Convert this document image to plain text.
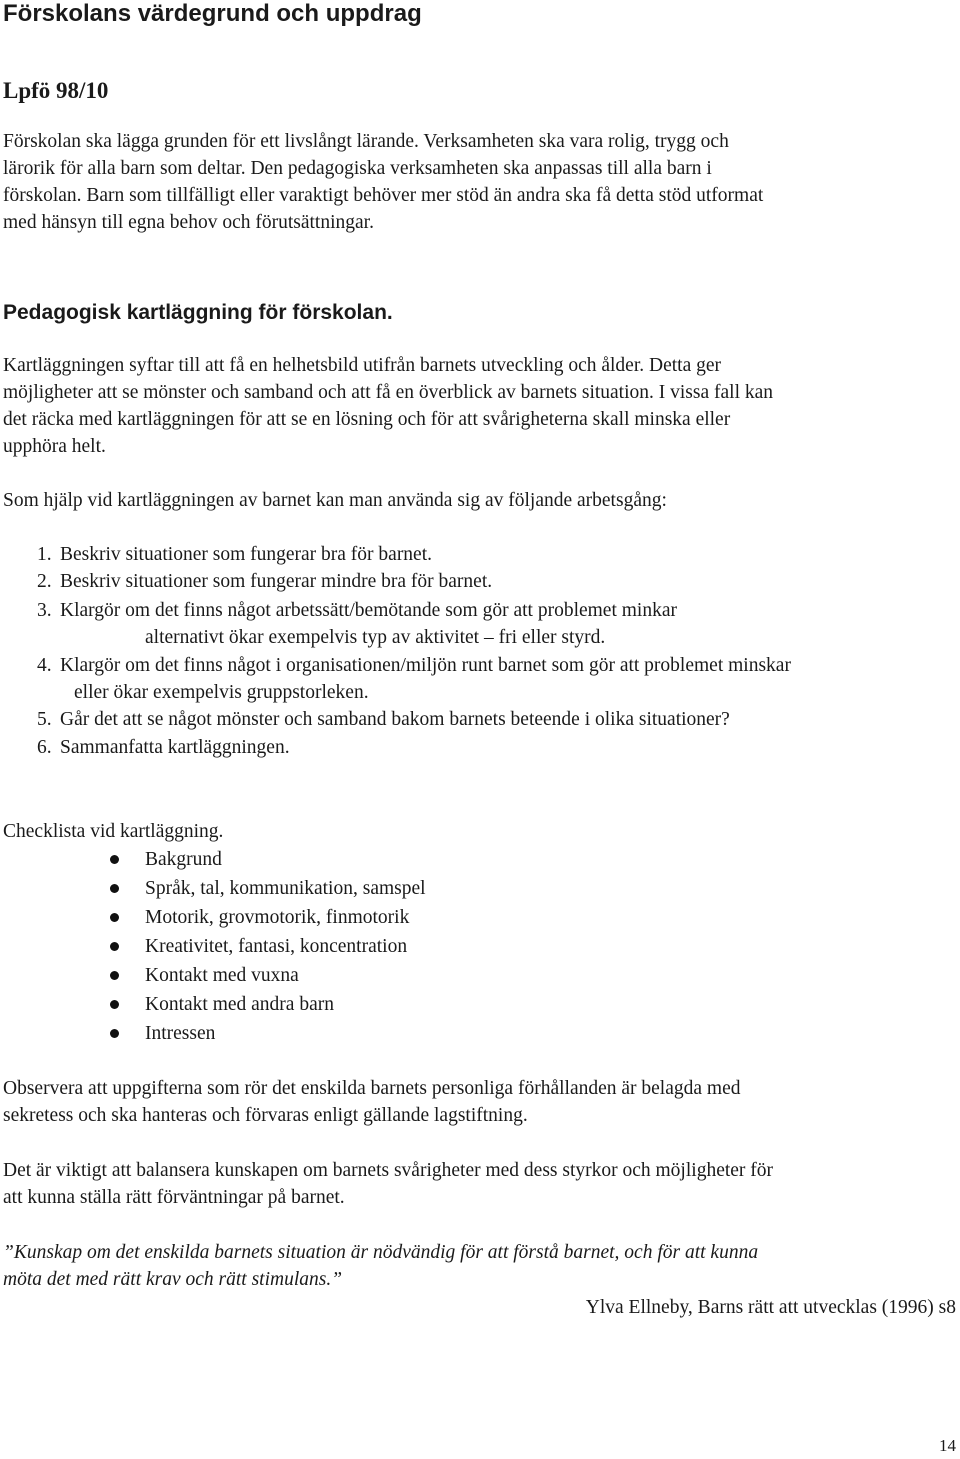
Förskolans värdegrund och uppdrag
Lpfö 98/10
Förskolan ska lägga grunden för ett livslångt lärande. Verksamheten ska vara rolig, trygg och
lärorik för alla barn som deltar. Den pedagogiska verksamheten ska anpassas till alla barn i
förskolan. Barn som tillfälligt eller varaktigt behöver mer stöd än andra ska få detta stöd utformat
med hänsyn till egna behov och förutsättningar.
Pedagogisk kartläggning för förskolan.
Kartläggningen syftar till att få en helhetsbild utifrån barnets utveckling och ålder. Detta ger
möjligheter att se mönster och samband och att få en överblick av barnets situation. I vissa fall kan
det räcka med kartläggningen för att se en lösning och för att svårigheterna skall minska eller
upphöra helt.
Som hjälp vid kartläggningen av barnet kan man använda sig av följande arbetsgång:
1. Beskriv situationer som fungerar bra för barnet.
2. Beskriv situationer som fungerar mindre bra för barnet.
3. Klargör om det finns något arbetssätt/bemötande som gör att problemet minkar
alternativt ökar exempelvis typ av aktivitet – fri eller styrd.
4. Klargör om det finns något i organisationen/miljön runt barnet som gör att problemet minskar
eller ökar exempelvis gruppstorleken.
5. Går det att se något mönster och samband bakom barnets beteende i olika situationer?
6. Sammanfatta kartläggningen.
Checklista vid kartläggning.
Bakgrund
Språk, tal, kommunikation, samspel
Motorik, grovmotorik, finmotorik
Kreativitet, fantasi, koncentration
Kontakt med vuxna
Kontakt med andra barn
Intressen
Observera att uppgifterna som rör det enskilda barnets personliga förhållanden är belagda med
sekretess och ska hanteras och förvaras enligt gällande lagstiftning.
Det är viktigt att balansera kunskapen om barnets svårigheter med dess styrkor och möjligheter för
att kunna ställa rätt förväntningar på barnet.
”Kunskap om det enskilda barnets situation är nödvändig för att förstå barnet, och för att kunna
möta det med rätt krav och rätt stimulans.”
Ylva Ellneby, Barns rätt att utvecklas (1996) s8
14
